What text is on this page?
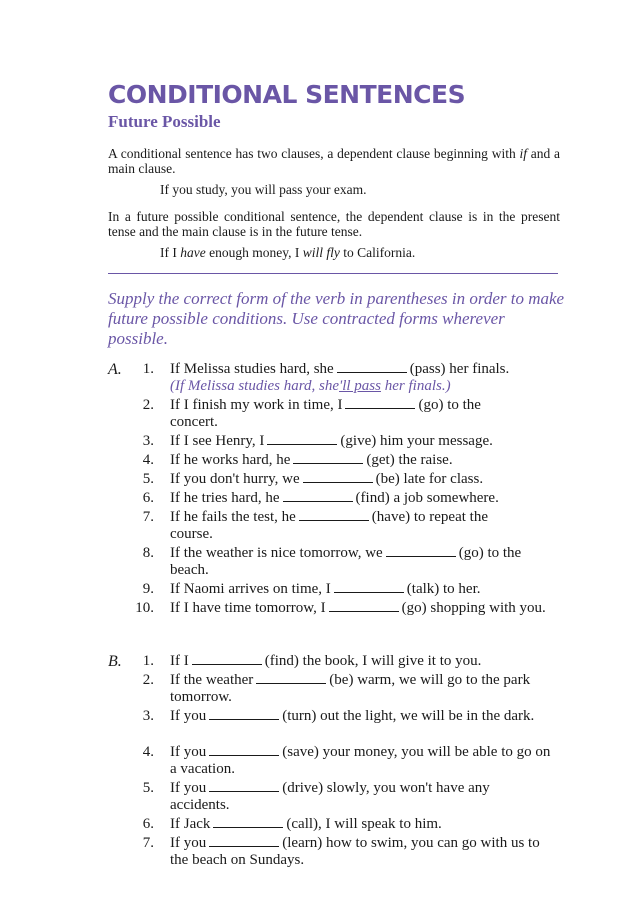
CONDITIONAL SENTENCES
Future Possible
A conditional sentence has two clauses, a dependent clause beginning with if and a main clause.
If you study, you will pass your exam.
In a future possible conditional sentence, the dependent clause is in the present tense and the main clause is in the future tense.
If I have enough money, I will fly to California.
Supply the correct form of the verb in parentheses in order to make future possible conditions. Use contracted forms wherever possible.
A.	1. If Melissa studies hard, she	(pass) her finals.
(If Melissa studies hard, she'll pass her finals.)
2. If I finish my work in time, I	(go) to the concert.
3. If I see Henry, I	(give) him your message.
4. If he works hard, he	(get) the raise.
5. If you don't hurry, we	(be) late for class.
6. If he tries hard, he	(find) a job somewhere.
7. If he fails the test, he	(have) to repeat the course.
8. If the weather is nice tomorrow, we	(go) to the beach.
9. If Naomi arrives on time, I	(talk) to her.
10. If I have time tomorrow, I	(go) shopping with you.
B.	1. If I	(find) the book, I will give it to you.
2. If the weather	(be) warm, we will go to the park tomorrow.
3. If you	(turn) out the light, we will be in the dark.
4. If you	(save) your money, you will be able to go on a vacation.
5. If you	(drive) slowly, you won't have any accidents.
6. If Jack	(call), I will speak to him.
7. If you	(learn) how to swim, you can go with us to the beach on Sundays.
